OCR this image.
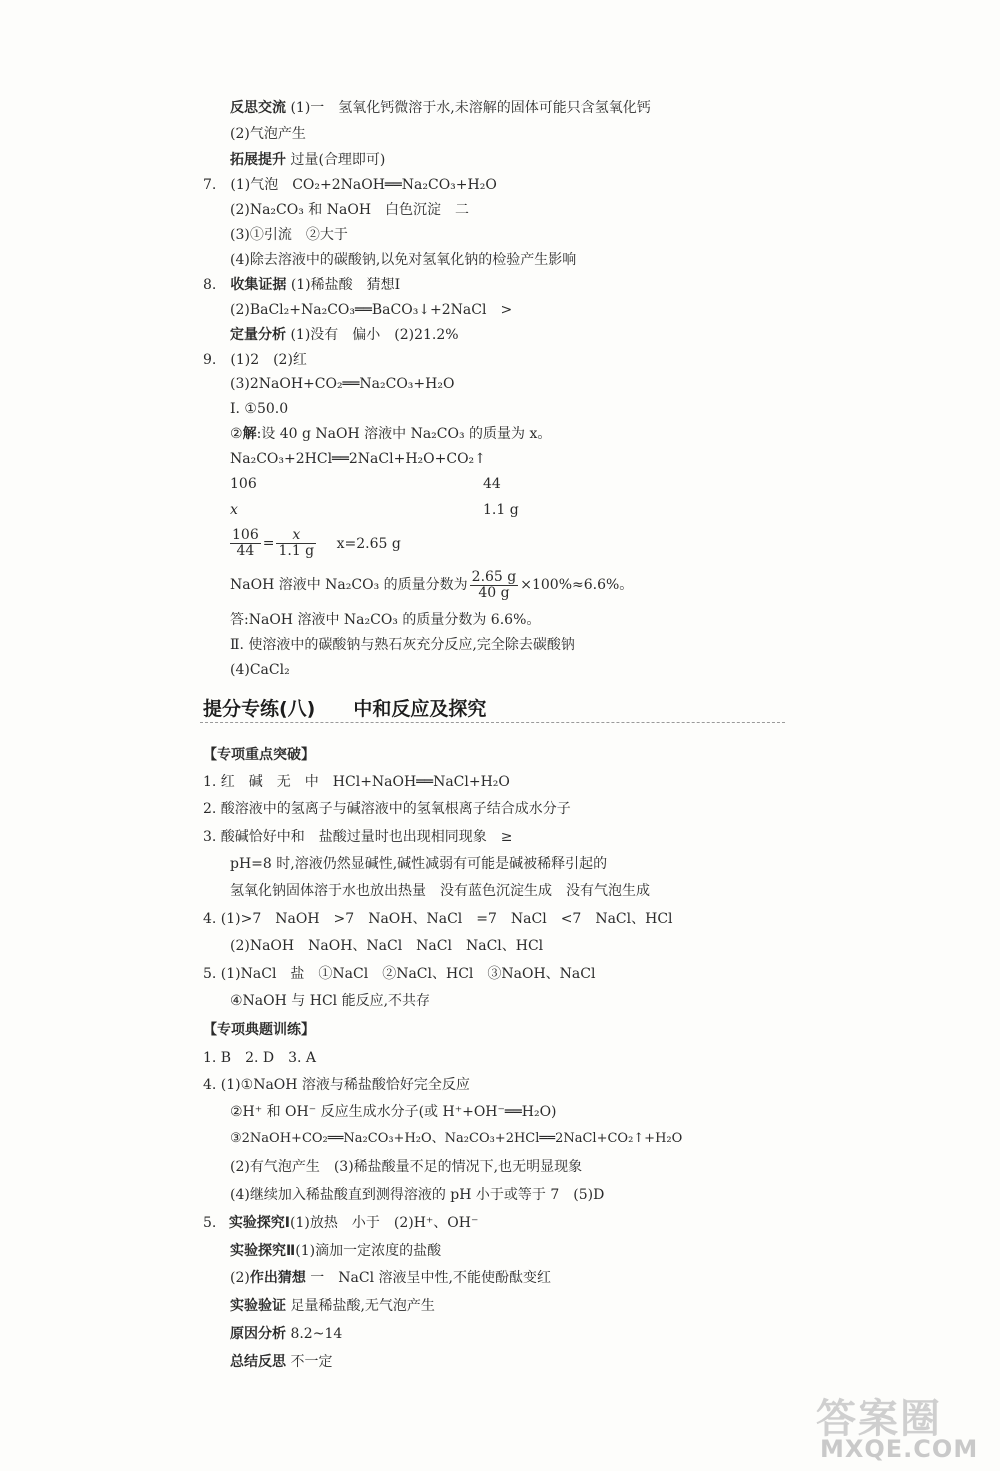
反思交流 (1)一　氢氧化钙微溶于水,未溶解的固体可能只含氢氧化钙
(2)气泡产生
拓展提升 过量(合理即可)
7.　(1)气泡　CO₂+2NaOH══Na₂CO₃+H₂O
(2)Na₂CO₃ 和 NaOH　白色沉淀　二
(3)①引流　②大于
(4)除去溶液中的碳酸钠,以免对氢氧化钠的检验产生影响
8.　收集证据 (1)稀盐酸　猜想Ⅰ
(2)BaCl₂+Na₂CO₃══BaCO₃↓+2NaCl　>
定量分析 (1)没有　偏小　(2)21.2%
9.　(1)2　(2)红
(3)2NaOH+CO₂══Na₂CO₃+H₂O
Ⅰ. ①50.0
②解:设 40 g NaOH 溶液中 Na₂CO₃ 的质量为 x。
Na₂CO₃+2HCl══2NaCl+H₂O+CO₂↑
106	44
x	1.1 g
$\frac{106}{44} = \frac{x}{1.1 g} x=2.65$ g
NaOH 溶液中 Na₂CO₃ 的质量分数为 $\frac{2.65 g}{40 g} \times 100\%\approx 6.6\%$。
答:NaOH 溶液中 Na₂CO₃ 的质量分数为 6.6%。
Ⅱ. 使溶液中的碳酸钠与熟石灰充分反应,完全除去碳酸钠
(4)CaCl₂
提分专练(八) 中和反应及探究
【专项重点突破】
1. 红　碱　无　中　HCl+NaOH══NaCl+H₂O
2. 酸溶液中的氢离子与碱溶液中的氢氧根离子结合成水分子
3. 酸碱恰好中和　盐酸过量时也出现相同现象　≥
pH=8 时,溶液仍然显碱性,碱性减弱有可能是碱被稀释引起的
氢氧化钠固体溶于水也放出热量　没有蓝色沉淀生成　没有气泡生成
4. (1)>7　NaOH　>7　NaOH、NaCl　=7　NaCl　<7　NaCl、HCl
(2)NaOH　NaOH、NaCl　NaCl　NaCl、HCl
5. (1)NaCl　盐　①NaCl　②NaCl、HCl　③NaOH、NaCl
④NaOH 与 HCl 能反应,不共存
【专项典题训练】
1. B　2. D　3. A
4. (1)①NaOH 溶液与稀盐酸恰好完全反应
②H⁺ 和 OH⁻ 反应生成水分子(或 H⁺+OH⁻══H₂O)
③2NaOH+CO₂══Na₂CO₃+H₂O、Na₂CO₃+2HCl══2NaCl+CO₂↑+H₂O
(2)有气泡产生　(3)稀盐酸量不足的情况下,也无明显现象
(4)继续加入稀盐酸直到测得溶液的 pH 小于或等于 7　(5)D
5. 实验探究Ⅰ(1)放热　小于　(2)H⁺、OH⁻
实验探究Ⅱ(1)滴加一定浓度的盐酸
(2)作出猜想 一　NaCl 溶液呈中性,不能使酚酞变红
实验验证 足量稀盐酸,无气泡产生
原因分析 8.2~14
总结反思 不一定
答案圈
MXQE.COM
